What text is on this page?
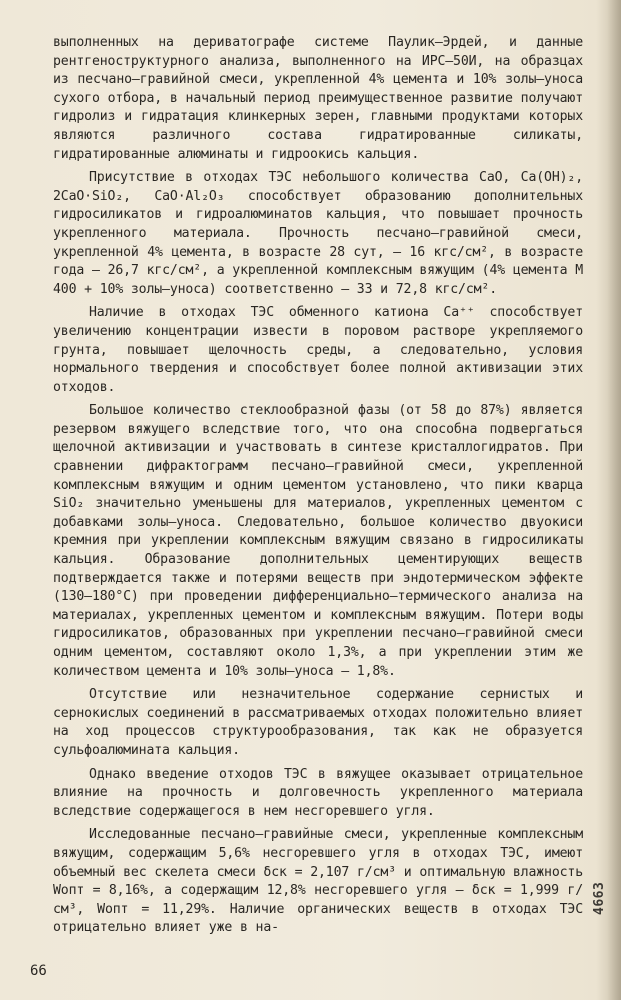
выполненных на дериватографе системе Паулик–Эрдей, и данные рентгеноструктурного анализа, выполненного на ИРС–50И, на образцах из песчано–гравийной смеси, укрепленной 4% цемента и 10% золы–уноса сухого отбора, в начальный период преимущественное развитие получают гидролиз и гидратация клинкерных зерен, главными продуктами которых являются различного состава гидратированные силикаты, гидратированные алюминаты и гидроокись кальция.

Присутствие в отходах ТЭС небольшого количества СаО, Са(ОН)₂, 2СаО·SiО₂, СаО·Аl₂О₃ способствует образованию дополнительных гидросиликатов и гидроалюминатов кальция, что повышает прочность укрепленного материала. Прочность песчано–гравийной смеси, укрепленной 4% цемента, в возрасте 28 сут, – 16 кгс/см², в возрасте года – 26,7 кгс/см², а укрепленной комплексным вяжущим (4% цемента М 400 + 10% золы–уноса) соответственно – 33 и 72,8 кгс/см².

Наличие в отходах ТЭС обменного катиона Са⁺⁺ способствует увеличению концентрации извести в поровом растворе укрепляемого грунта, повышает щелочность среды, а следовательно, условия нормального твердения и способствует более полной активизации этих отходов.

Большое количество стеклообразной фазы (от 58 до 87%) является резервом вяжущего вследствие того, что она способна подвергаться щелочной активизации и участвовать в синтезе кристаллогидратов. При сравнении дифрактограмм песчано–гравийной смеси, укрепленной комплексным вяжущим и одним цементом установлено, что пики кварца SiО₂ значительно уменьшены для материалов, укрепленных цементом с добавками золы–уноса. Следовательно, большое количество двуокиси кремния при укреплении комплексным вяжущим связано в гидросиликаты кальция. Образование дополнительных цементирующих веществ подтверждается также и потерями веществ при эндотермическом эффекте (130–180°С) при проведении дифференциально–термического анализа на материалах, укрепленных цементом и комплексным вяжущим. Потери воды гидросиликатов, образованных при укреплении песчано–гравийной смеси одним цементом, составляют около 1,3%, а при укреплении этим же количеством цемента и 10% золы–уноса – 1,8%.

Отсутствие или незначительное содержание сернистых и сернокислых соединений в рассматриваемых отходах положительно влияет на ход процессов структурообразования, так как не образуется сульфоалюмината кальция.

Однако введение отходов ТЭС в вяжущее оказывает отрицательное влияние на прочность и долговечность укрепленного материала вследствие содержащегося в нем несгоревшего угля.

Исследованные песчано–гравийные смеси, укрепленные комплексным вяжущим, содержащим 5,6% несгоревшего угля в отходах ТЭС, имеют объемный вес скелета смеси δск = 2,107 г/см³ и оптимальную влажность Wопт = 8,16%, а содержащим 12,8% несгоревшего угля – δск = 1,999 г/см³, Wопт = 11,29%. Наличие органических веществ в отходах ТЭС отрицательно влияет уже в на-

66
4663
